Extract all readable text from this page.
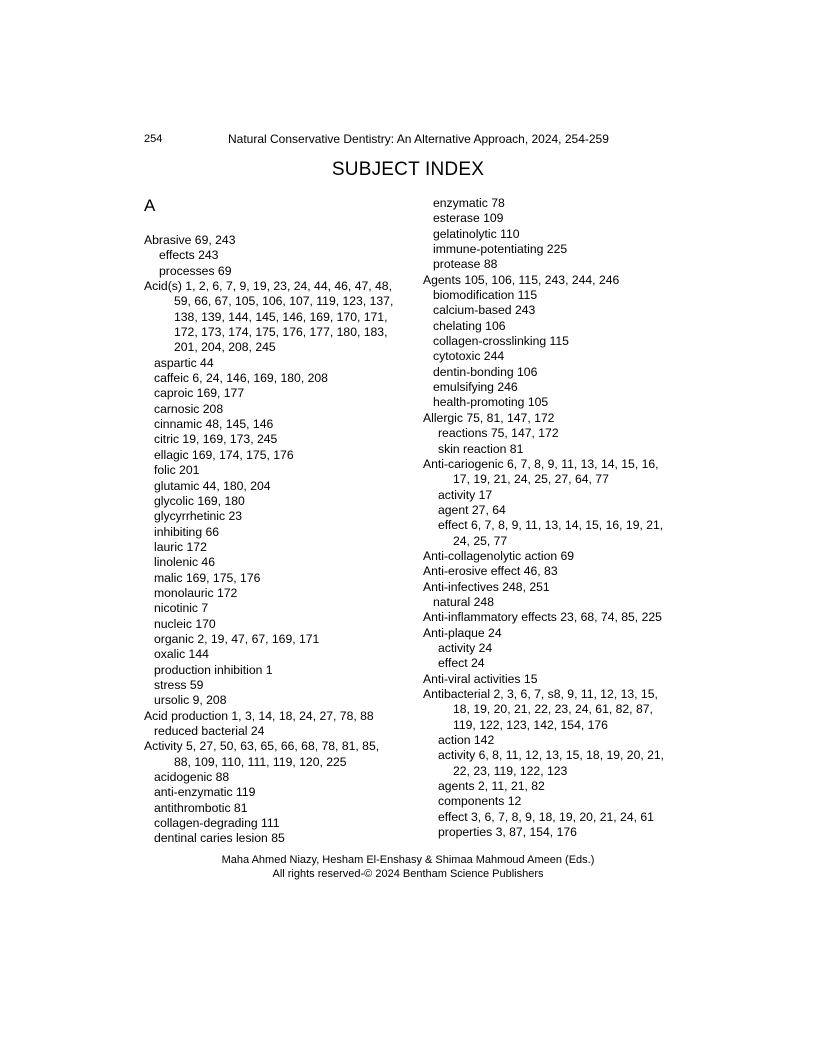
254	Natural Conservative Dentistry: An Alternative Approach, 2024, 254-259
SUBJECT INDEX
A
Abrasive 69, 243
effects 243
processes 69
Acid(s) 1, 2, 6, 7, 9, 19, 23, 24, 44, 46, 47, 48,
59, 66, 67, 105, 106, 107, 119, 123, 137,
138, 139, 144, 145, 146, 169, 170, 171,
172, 173, 174, 175, 176, 177, 180, 183,
201, 204, 208, 245
aspartic 44
caffeic 6, 24, 146, 169, 180, 208
caproic 169, 177
carnosic 208
cinnamic 48, 145, 146
citric 19, 169, 173, 245
ellagic 169, 174, 175, 176
folic 201
glutamic 44, 180, 204
glycolic 169, 180
glycyrrhetinic 23
inhibiting 66
lauric 172
linolenic 46
malic 169, 175, 176
monolauric 172
nicotinic 7
nucleic 170
organic 2, 19, 47, 67, 169, 171
oxalic 144
production inhibition 1
stress 59
ursolic 9, 208
Acid production 1, 3, 14, 18, 24, 27, 78, 88
reduced bacterial 24
Activity 5, 27, 50, 63, 65, 66, 68, 78, 81, 85,
88, 109, 110, 111, 119, 120, 225
acidogenic 88
anti-enzymatic 119
antithrombotic 81
collagen-degrading 111
dentinal caries lesion 85
enzymatic 78
esterase 109
gelatinolytic 110
immune-potentiating 225
protease 88
Agents 105, 106, 115, 243, 244, 246
biomodification 115
calcium-based 243
chelating 106
collagen-crosslinking 115
cytotoxic 244
dentin-bonding 106
emulsifying 246
health-promoting 105
Allergic 75, 81, 147, 172
reactions 75, 147, 172
skin reaction 81
Anti-cariogenic 6, 7, 8, 9, 11, 13, 14, 15, 16,
17, 19, 21, 24, 25, 27, 64, 77
activity 17
agent 27, 64
effect 6, 7, 8, 9, 11, 13, 14, 15, 16, 19, 21,
24, 25, 77
Anti-collagenolytic action 69
Anti-erosive effect 46, 83
Anti-infectives 248, 251
natural 248
Anti-inflammatory effects 23, 68, 74, 85, 225
Anti-plaque 24
activity 24
effect 24
Anti-viral activities 15
Antibacterial 2, 3, 6, 7, s8, 9, 11, 12, 13, 15,
18, 19, 20, 21, 22, 23, 24, 61, 82, 87,
119, 122, 123, 142, 154, 176
action 142
activity 6, 8, 11, 12, 13, 15, 18, 19, 20, 21,
22, 23, 119, 122, 123
agents 2, 11, 21, 82
components 12
effect 3, 6, 7, 8, 9, 18, 19, 20, 21, 24, 61
properties 3, 87, 154, 176
Maha Ahmed Niazy, Hesham El-Enshasy & Shimaa Mahmoud Ameen (Eds.)
All rights reserved-© 2024 Bentham Science Publishers
